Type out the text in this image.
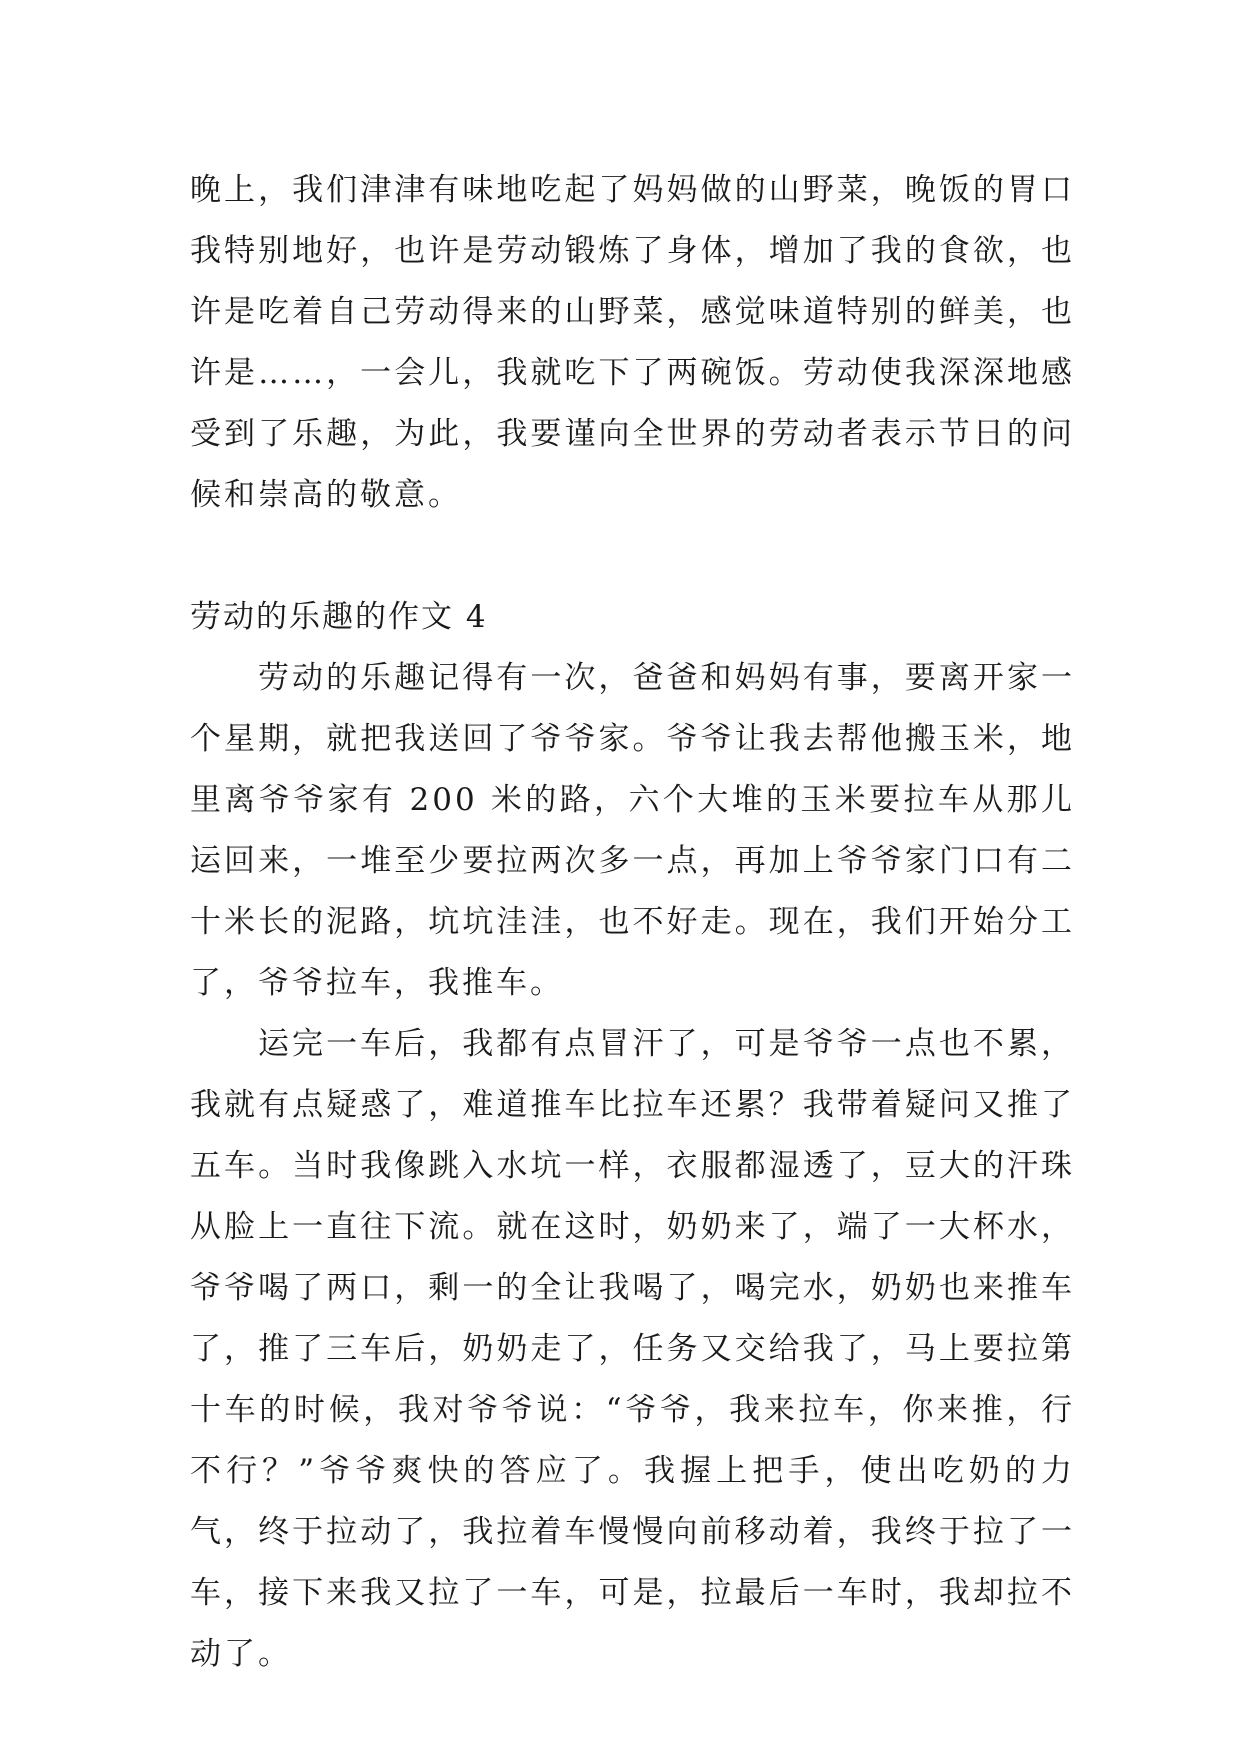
晚上，我们津津有味地吃起了妈妈做的山野菜，晚饭的胃口我特别地好，也许是劳动锻炼了身体，增加了我的食欲，也许是吃着自己劳动得来的山野菜，感觉味道特别的鲜美，也许是……，一会儿，我就吃下了两碗饭。劳动使我深深地感受到了乐趣，为此，我要谨向全世界的劳动者表示节日的问候和崇高的敬意。

劳动的乐趣的作文 4

劳动的乐趣记得有一次，爸爸和妈妈有事，要离开家一个星期，就把我送回了爷爷家。爷爷让我去帮他搬玉米，地里离爷爷家有 200 米的路，六个大堆的玉米要拉车从那儿运回来，一堆至少要拉两次多一点，再加上爷爷家门口有二十米长的泥路，坑坑洼洼，也不好走。现在，我们开始分工了，爷爷拉车，我推车。

运完一车后，我都有点冒汗了，可是爷爷一点也不累，我就有点疑惑了，难道推车比拉车还累？我带着疑问又推了五车。当时我像跳入水坑一样，衣服都湿透了，豆大的汗珠从脸上一直往下流。就在这时，奶奶来了，端了一大杯水，爷爷喝了两口，剩一的全让我喝了，喝完水，奶奶也来推车了，推了三车后，奶奶走了，任务又交给我了，马上要拉第十车的时候，我对爷爷说：“爷爷，我来拉车，你来推，行不行？”爷爷爽快的答应了。我握上把手，使出吃奶的力气，终于拉动了，我拉着车慢慢向前移动着，我终于拉了一车，接下来我又拉了一车，可是，拉最后一车时，我却拉不动了。
